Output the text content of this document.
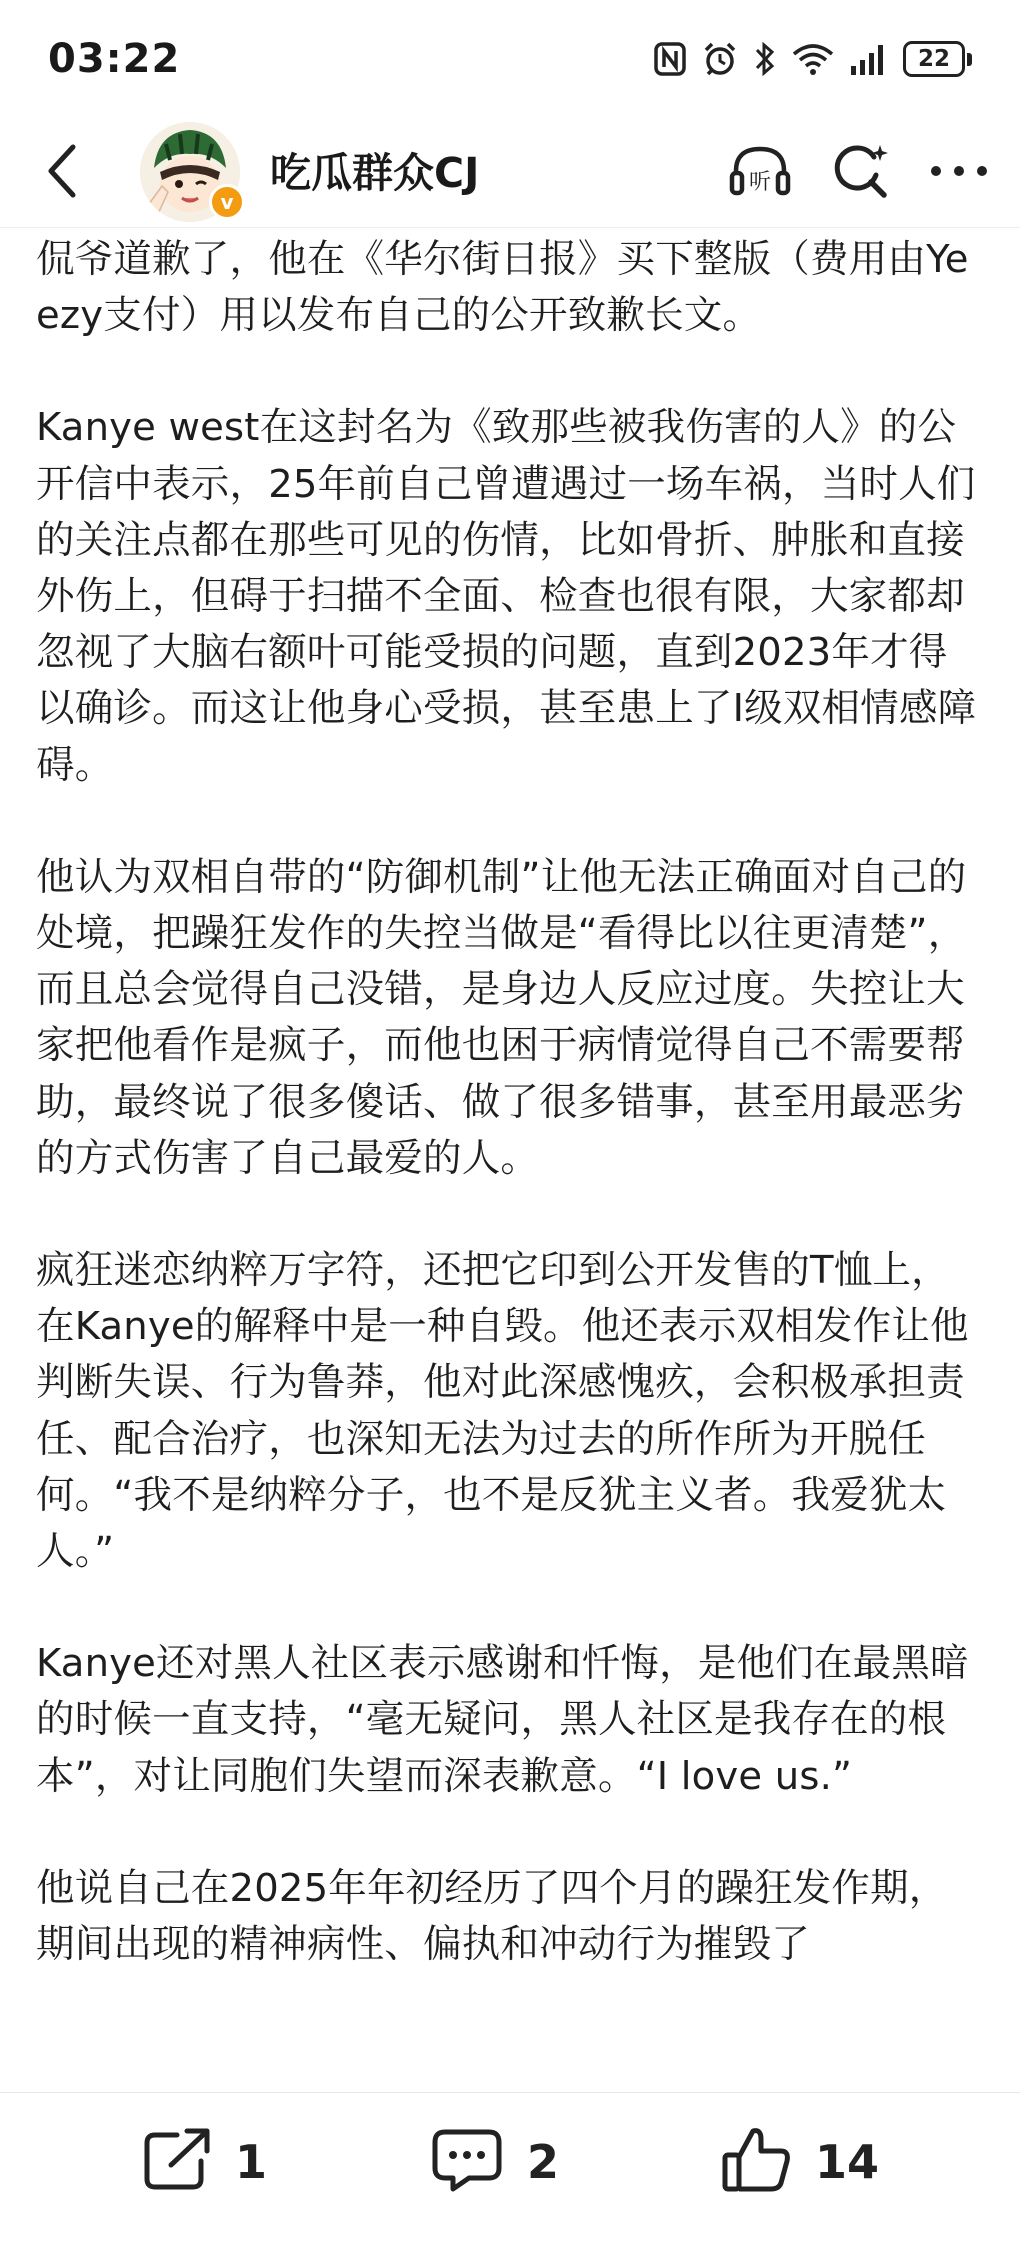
03:22	22
v
吃瓜群众CJ	听

侃爷道歉了，他在《华尔街日报》买下整版（费用由Yeezy支付）用以发布自己的公开致歉长文。

Kanye west在这封名为《致那些被我伤害的人》的公开信中表示，25年前自己曾遭遇过一场车祸，当时人们的关注点都在那些可见的伤情，比如骨折、肿胀和直接外伤上，但碍于扫描不全面、检查也很有限，大家都却忽视了大脑右额叶可能受损的问题，直到2023年才得以确诊。而这让他身心受损，甚至患上了I级双相情感障碍。

他认为双相自带的“防御机制”让他无法正确面对自己的处境，把躁狂发作的失控当做是“看得比以往更清楚”，而且总会觉得自己没错，是身边人反应过度。失控让大家把他看作是疯子，而他也困于病情觉得自己不需要帮助，最终说了很多傻话、做了很多错事，甚至用最恶劣的方式伤害了自己最爱的人。

疯狂迷恋纳粹万字符，还把它印到公开发售的T恤上，在Kanye的解释中是一种自毁。他还表示双相发作让他判断失误、行为鲁莽，他对此深感愧疚，会积极承担责任、配合治疗，也深知无法为过去的所作所为开脱任何。“我不是纳粹分子，也不是反犹主义者。我爱犹太人。”

Kanye还对黑人社区表示感谢和忏悔，是他们在最黑暗的时候一直支持，“毫无疑问，黑人社区是我存在的根本”，对让同胞们失望而深表歉意。“I love us.”

他说自己在2025年年初经历了四个月的躁狂发作期，期间出现的精神病性、偏执和冲动行为摧毁了

1	2	14
